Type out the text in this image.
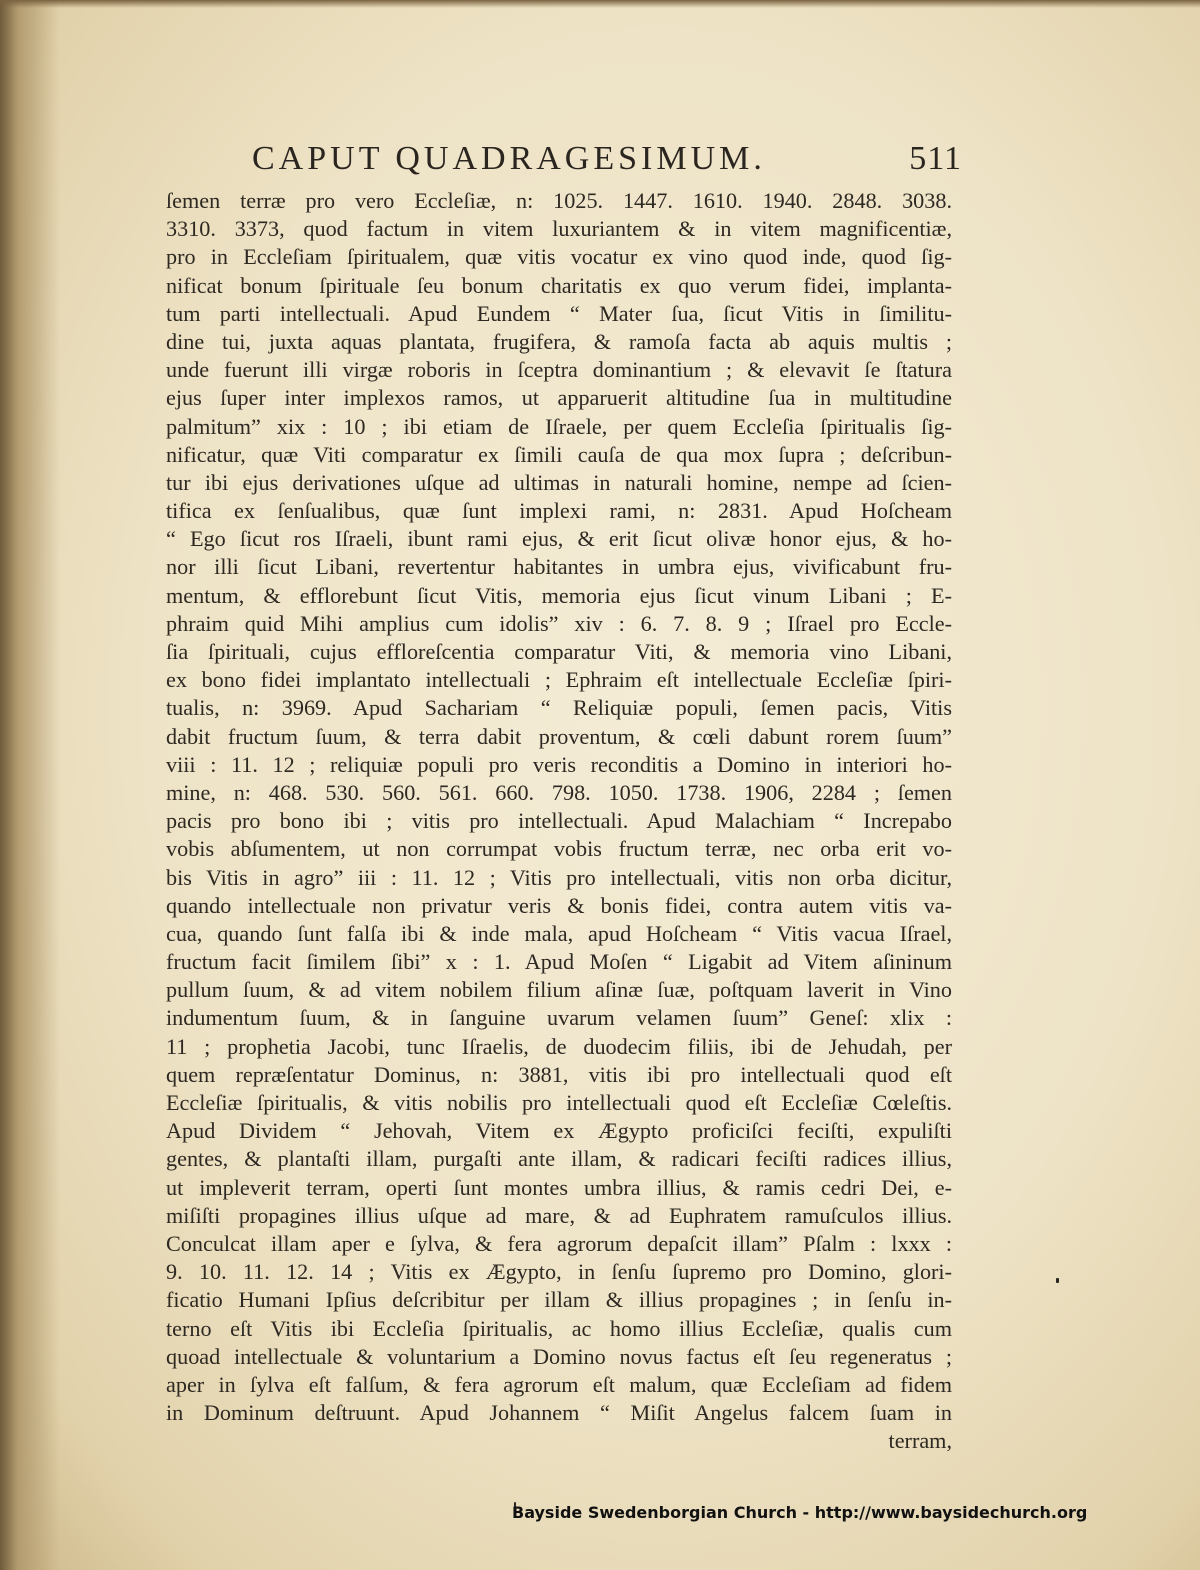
CAPUT QUADRAGESIMUM.	511
ſemen terræ pro vero Eccleſiæ, n: 1025. 1447. 1610. 1940. 2848. 3038.
3310. 3373, quod factum in vitem luxuriantem & in vitem magnificentiæ,
pro in Eccleſiam ſpiritualem, quæ vitis vocatur ex vino quod inde, quod ſig-
nificat bonum ſpirituale ſeu bonum charitatis ex quo verum fidei, implanta-
tum parti intellectuali. Apud Eundem “ Mater ſua, ſicut Vitis in ſimilitu-
dine tui, juxta aquas plantata, frugifera, & ramoſa facta ab aquis multis ;
unde fuerunt illi virgæ roboris in ſceptra dominantium ; & elevavit ſe ſtatura
ejus ſuper inter implexos ramos, ut apparuerit altitudine ſua in multitudine
palmitum” xix : 10 ; ibi etiam de Iſraele, per quem Eccleſia ſpiritualis ſig-
nificatur, quæ Viti comparatur ex ſimili cauſa de qua mox ſupra ; deſcribun-
tur ibi ejus derivationes uſque ad ultimas in naturali homine, nempe ad ſcien-
tifica ex ſenſualibus, quæ ſunt implexi rami, n: 2831. Apud Hoſcheam
“ Ego ſicut ros Iſraeli, ibunt rami ejus, & erit ſicut olivæ honor ejus, & ho-
nor illi ſicut Libani, revertentur habitantes in umbra ejus, vivificabunt fru-
mentum, & efflorebunt ſicut Vitis, memoria ejus ſicut vinum Libani ; E-
phraim quid Mihi amplius cum idolis” xiv : 6. 7. 8. 9 ; Iſrael pro Eccle-
ſia ſpirituali, cujus effloreſcentia comparatur Viti, & memoria vino Libani,
ex bono fidei implantato intellectuali ; Ephraim eſt intellectuale Eccleſiæ ſpiri-
tualis, n: 3969. Apud Sachariam “ Reliquiæ populi, ſemen pacis, Vitis
dabit fructum ſuum, & terra dabit proventum, & cœli dabunt rorem ſuum”
viii : 11. 12 ; reliquiæ populi pro veris reconditis a Domino in interiori ho-
mine, n: 468. 530. 560. 561. 660. 798. 1050. 1738. 1906, 2284 ; ſemen
pacis pro bono ibi ; vitis pro intellectuali. Apud Malachiam “ Increpabo
vobis abſumentem, ut non corrumpat vobis fructum terræ, nec orba erit vo-
bis Vitis in agro” iii : 11. 12 ; Vitis pro intellectuali, vitis non orba dicitur,
quando intellectuale non privatur veris & bonis fidei, contra autem vitis va-
cua, quando ſunt falſa ibi & inde mala, apud Hoſcheam “ Vitis vacua Iſrael,
fructum facit ſimilem ſibi” x : 1. Apud Moſen “ Ligabit ad Vitem aſininum
pullum ſuum, & ad vitem nobilem filium aſinæ ſuæ, poſtquam laverit in Vino
indumentum ſuum, & in ſanguine uvarum velamen ſuum” Geneſ: xlix :
11 ; prophetia Jacobi, tunc Iſraelis, de duodecim filiis, ibi de Jehudah, per
quem repræſentatur Dominus, n: 3881, vitis ibi pro intellectuali quod eſt
Eccleſiæ ſpiritualis, & vitis nobilis pro intellectuali quod eſt Eccleſiæ Cœleſtis.
Apud Dividem “ Jehovah, Vitem ex Ægypto proficiſci feciſti, expuliſti
gentes, & plantaſti illam, purgaſti ante illam, & radicari feciſti radices illius,
ut impleverit terram, operti ſunt montes umbra illius, & ramis cedri Dei, e-
miſiſti propagines illius uſque ad mare, & ad Euphratem ramuſculos illius.
Conculcat illam aper e ſylva, & fera agrorum depaſcit illam” Pſalm : lxxx :
9. 10. 11. 12. 14 ; Vitis ex Ægypto, in ſenſu ſupremo pro Domino, glori-
ficatio Humani Ipſius deſcribitur per illam & illius propagines ; in ſenſu in-
terno eſt Vitis ibi Eccleſia ſpiritualis, ac homo illius Eccleſiæ, qualis cum
quoad intellectuale & voluntarium a Domino novus factus eſt ſeu regeneratus ;
aper in ſylva eſt falſum, & fera agrorum eſt malum, quæ Eccleſiam ad fidem
in Dominum deſtruunt. Apud Johannem “ Miſit Angelus falcem ſuam in
terram,
Bayside Swedenborgian Church - http://www.baysidechurch.org
